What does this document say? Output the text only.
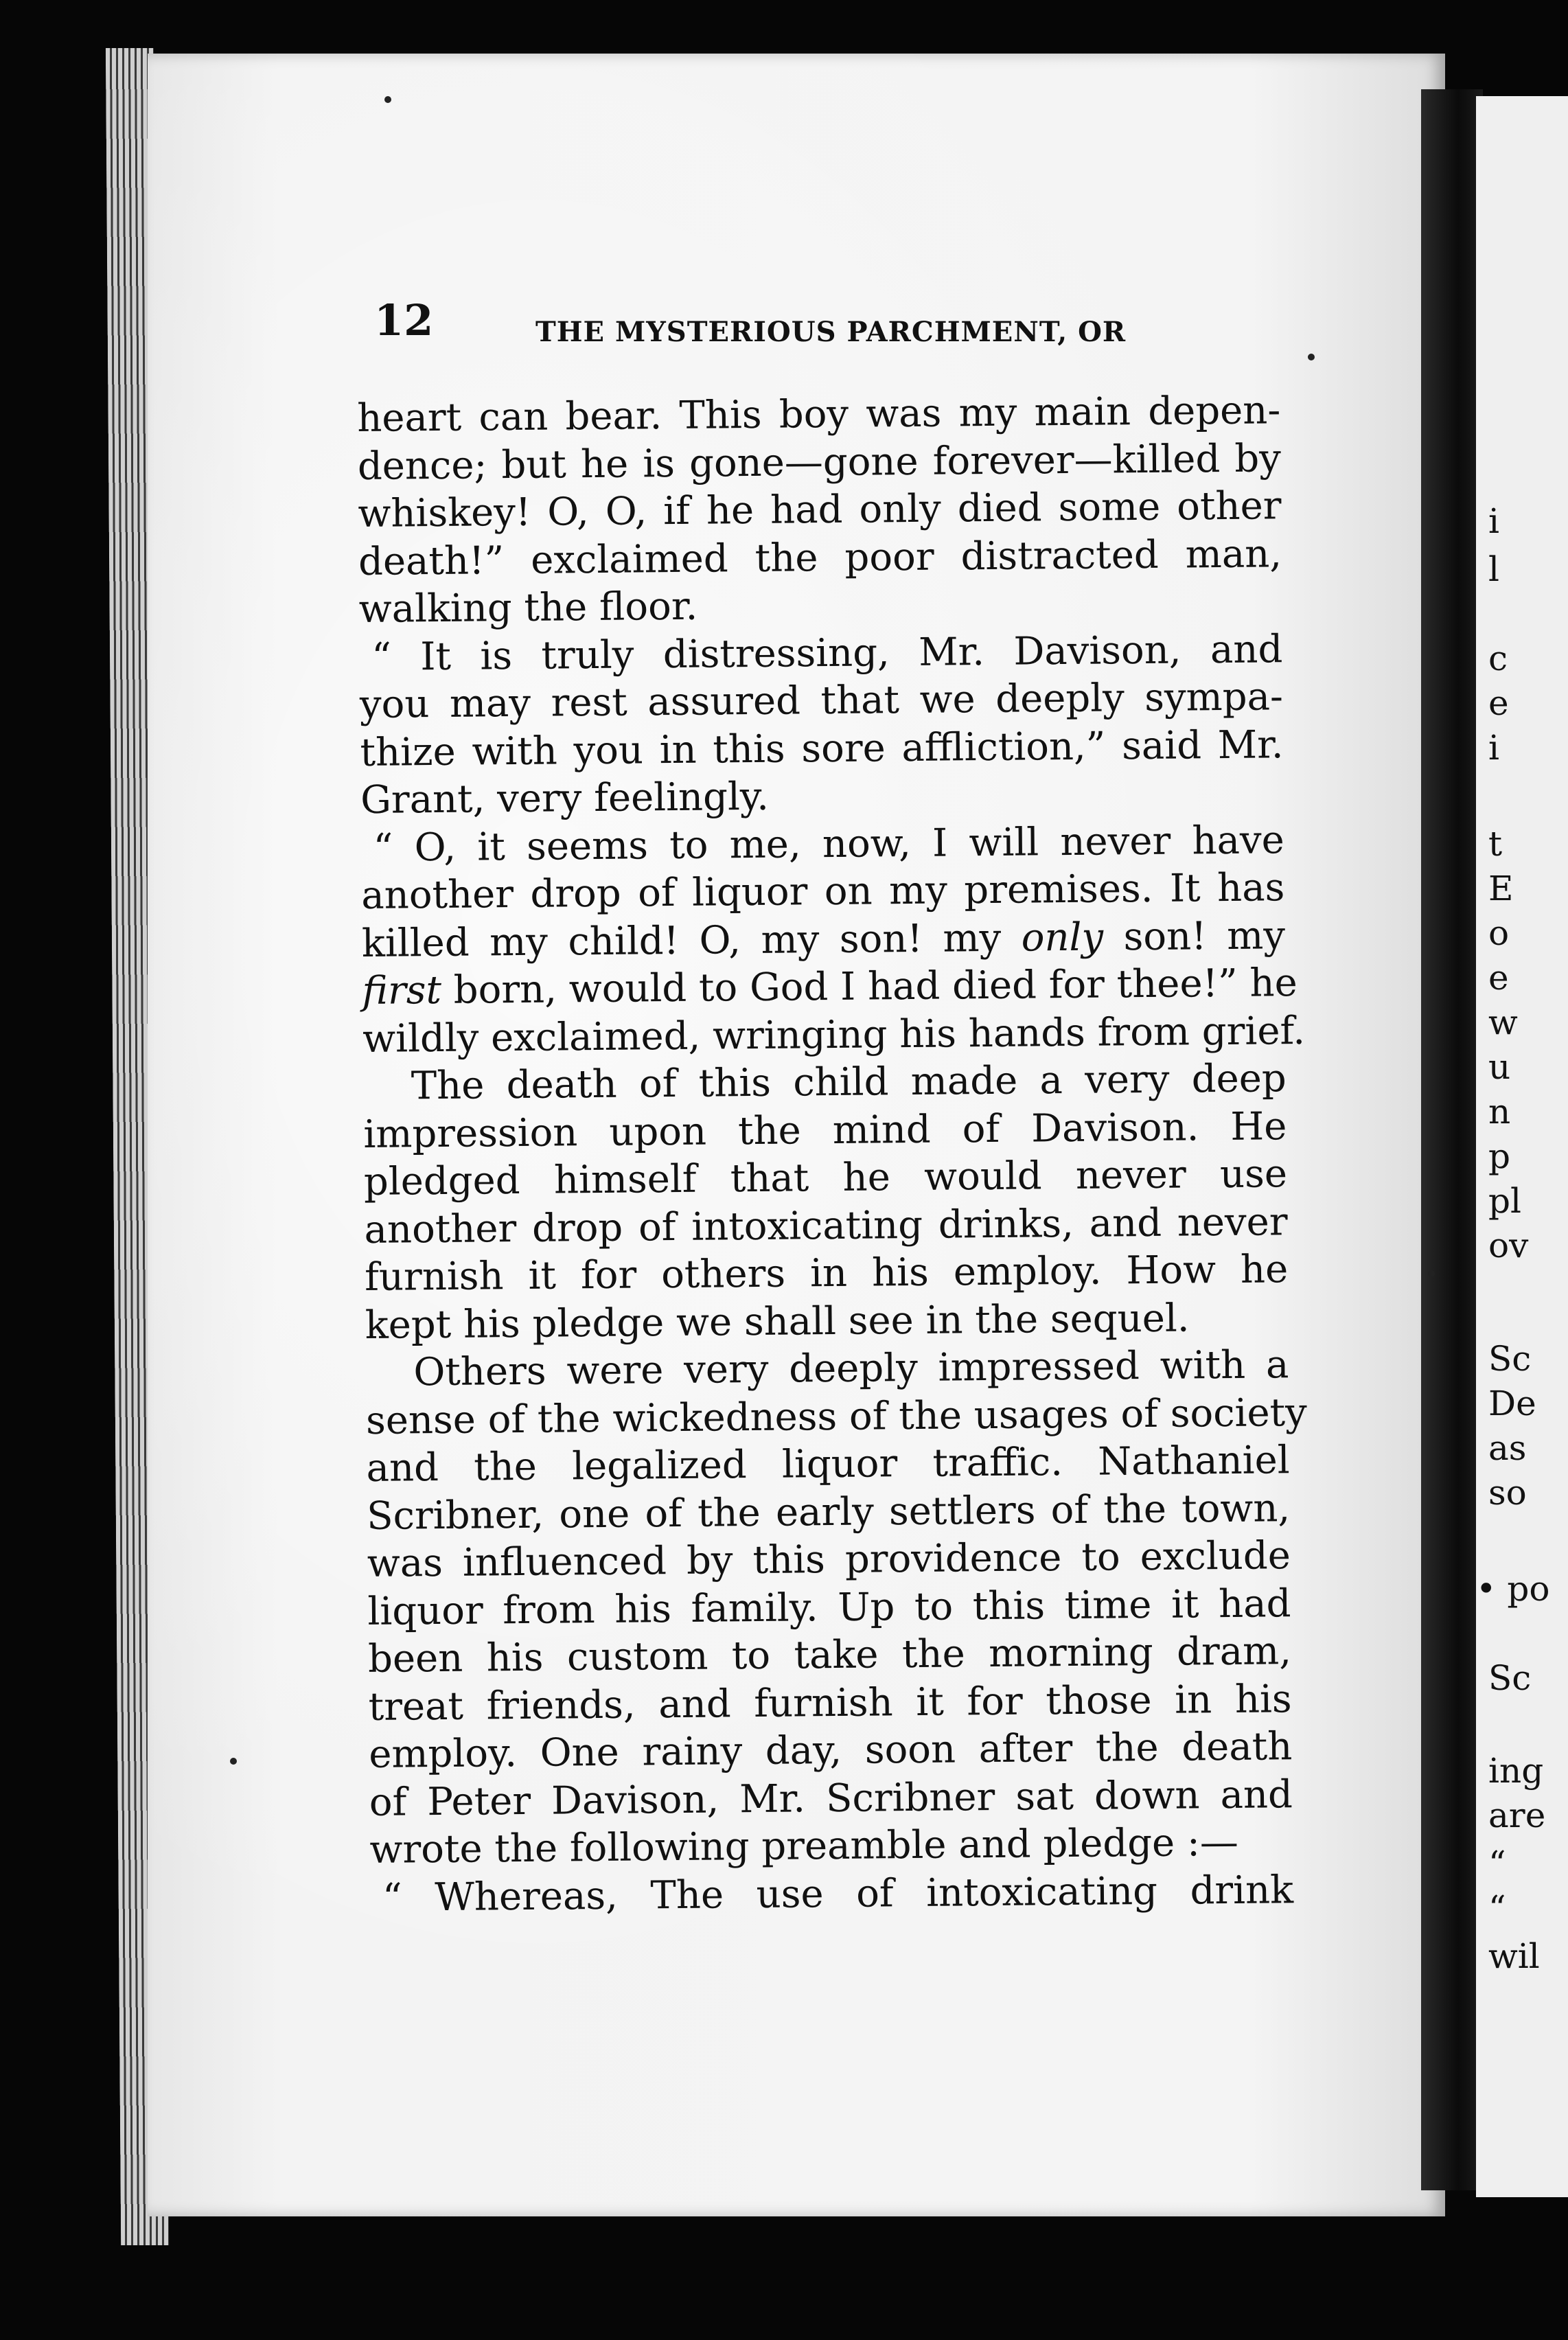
i
l
c
e
i
t
E
o
e
w
u
n
p
pl
ov
Sc
De
as
so
• po
Sc
ing
are
“
“
wil
12	THE MYSTERIOUS PARCHMENT, OR
heart can bear. This boy was my main depen-
dence; but he is gone—gone forever—killed by
whiskey! O, O, if he had only died some other
death!” exclaimed the poor distracted man,
walking the floor.
“ It is truly distressing, Mr. Davison, and
you may rest assured that we deeply sympa-
thize with you in this sore affliction,” said Mr.
Grant, very feelingly.
“ O, it seems to me, now, I will never have
another drop of liquor on my premises. It has
killed my child! O, my son! my only son! my
first born, would to God I had died for thee!” he
wildly exclaimed, wringing his hands from grief.
The death of this child made a very deep
impression upon the mind of Davison. He
pledged himself that he would never use
another drop of intoxicating drinks, and never
furnish it for others in his employ. How he
kept his pledge we shall see in the sequel.
Others were very deeply impressed with a
sense of the wickedness of the usages of society
and the legalized liquor traffic. Nathaniel
Scribner, one of the early settlers of the town,
was influenced by this providence to exclude
liquor from his family. Up to this time it had
been his custom to take the morning dram,
treat friends, and furnish it for those in his
employ. One rainy day, soon after the death
of Peter Davison, Mr. Scribner sat down and
wrote the following preamble and pledge :—
“ Whereas, The use of intoxicating drink
